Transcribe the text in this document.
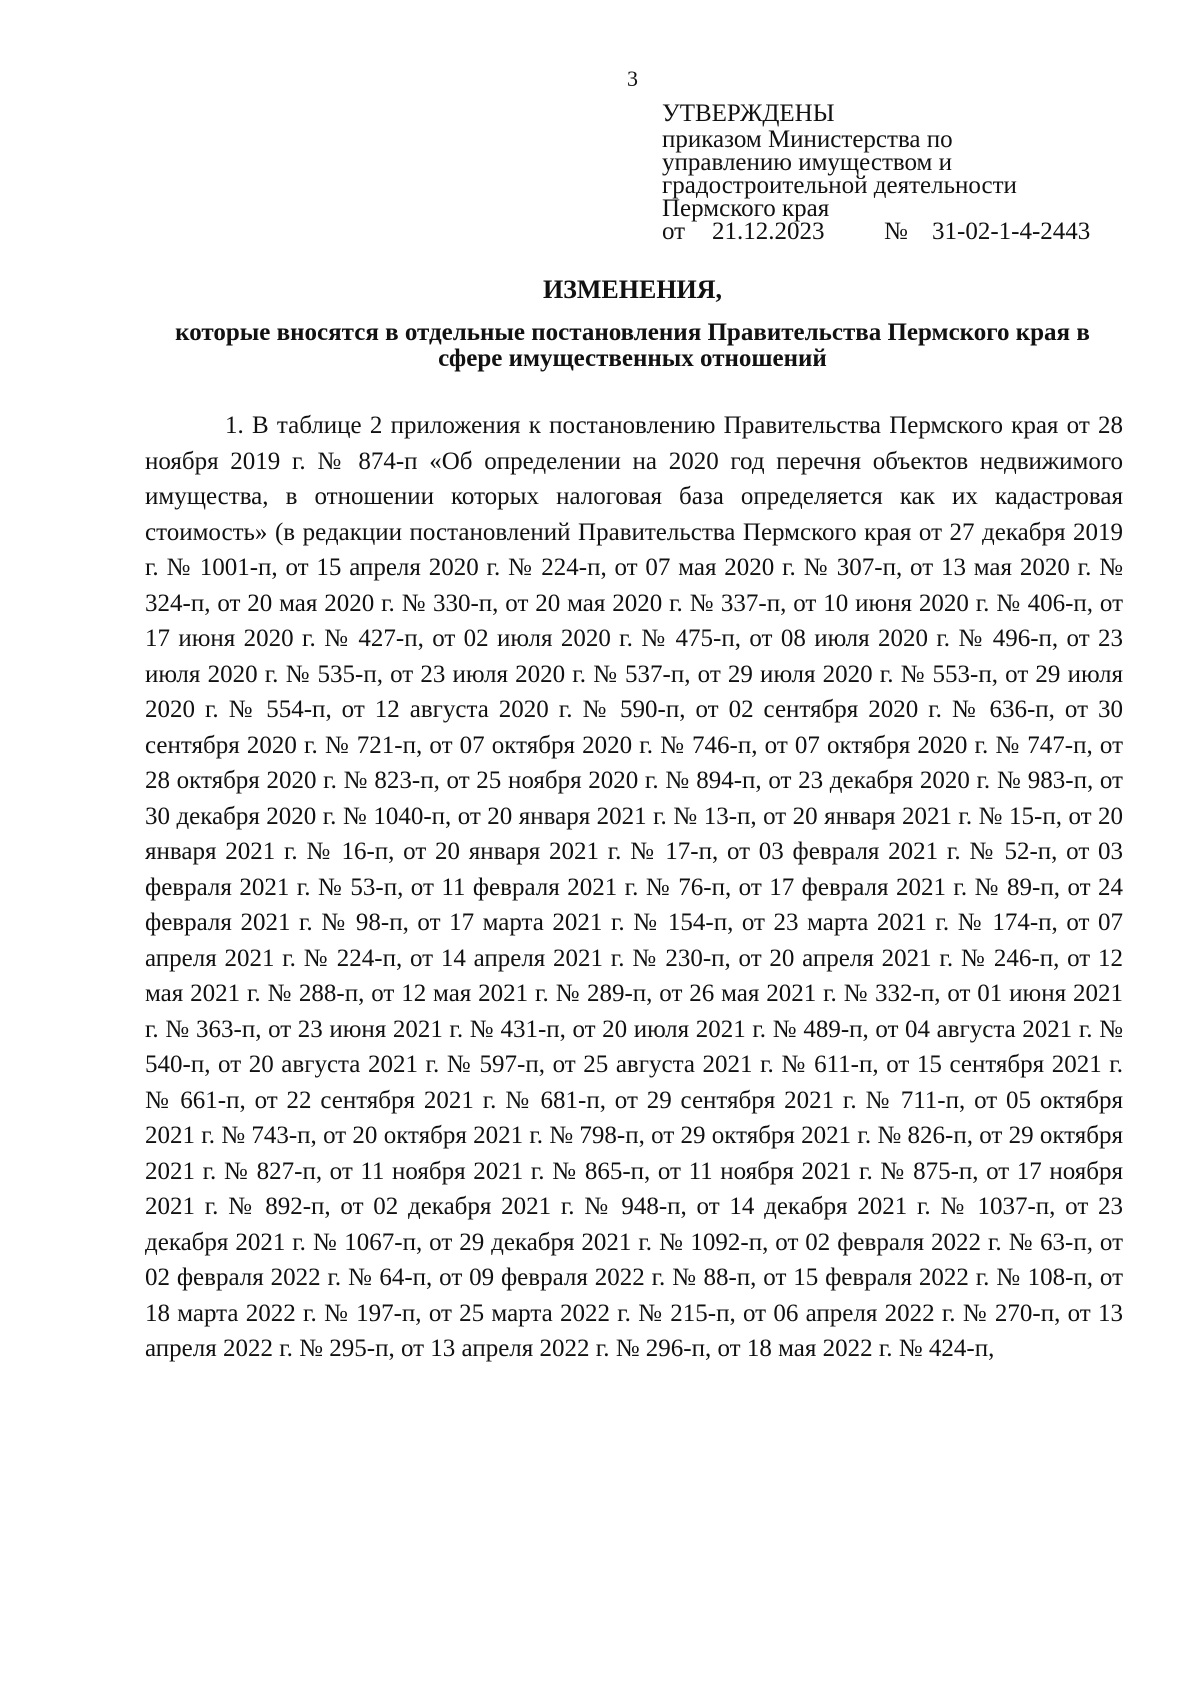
3
УТВЕРЖДЕНЫ
приказом Министерства по
управлению имуществом и
градостроительной деятельности
Пермского края
от	21.12.2023	№ 31-02-1-4-2443
ИЗМЕНЕНИЯ,
которые вносятся в отдельные постановления Правительства Пермского края в сфере имущественных отношений

1. В таблице 2 приложения к постановлению Правительства Пермского края от 28 ноября 2019 г. № 874-п «Об определении на 2020 год перечня объектов недвижимого имущества, в отношении которых налоговая база определяется как их кадастровая стоимость» (в редакции постановлений Правительства Пермского края от 27 декабря 2019 г. № 1001-п, от 15 апреля 2020 г. № 224-п, от 07 мая 2020 г. № 307-п, от 13 мая 2020 г. № 324-п, от 20 мая 2020 г. № 330-п, от 20 мая 2020 г. № 337-п, от 10 июня 2020 г. № 406-п, от 17 июня 2020 г. № 427-п, от 02 июля 2020 г. № 475-п, от 08 июля 2020 г. № 496-п, от 23 июля 2020 г. № 535-п, от 23 июля 2020 г. № 537-п, от 29 июля 2020 г. № 553-п, от 29 июля 2020 г. № 554-п, от 12 августа 2020 г. № 590-п, от 02 сентября 2020 г. № 636-п, от 30 сентября 2020 г. № 721-п, от 07 октября 2020 г. № 746-п, от 07 октября 2020 г. № 747-п, от 28 октября 2020 г. № 823-п, от 25 ноября 2020 г. № 894-п, от 23 декабря 2020 г. № 983-п, от 30 декабря 2020 г. № 1040-п, от 20 января 2021 г. № 13-п, от 20 января 2021 г. № 15-п, от 20 января 2021 г. № 16-п, от 20 января 2021 г. № 17-п, от 03 февраля 2021 г. № 52-п, от 03 февраля 2021 г. № 53-п, от 11 февраля 2021 г. № 76-п, от 17 февраля 2021 г. № 89-п, от 24 февраля 2021 г. № 98-п, от 17 марта 2021 г. № 154-п, от 23 марта 2021 г. № 174-п, от 07 апреля 2021 г. № 224-п, от 14 апреля 2021 г. № 230-п, от 20 апреля 2021 г. № 246-п, от 12 мая 2021 г. № 288-п, от 12 мая 2021 г. № 289-п, от 26 мая 2021 г. № 332-п, от 01 июня 2021 г. № 363-п, от 23 июня 2021 г. № 431-п, от 20 июля 2021 г. № 489-п, от 04 августа 2021 г. № 540-п, от 20 августа 2021 г. № 597-п, от 25 августа 2021 г. № 611-п, от 15 сентября 2021 г. № 661-п, от 22 сентября 2021 г. № 681-п, от 29 сентября 2021 г. № 711-п, от 05 октября 2021 г. № 743-п, от 20 октября 2021 г. № 798-п, от 29 октября 2021 г. № 826-п, от 29 октября 2021 г. № 827-п, от 11 ноября 2021 г. № 865-п, от 11 ноября 2021 г. № 875-п, от 17 ноября 2021 г. № 892-п, от 02 декабря 2021 г. № 948-п, от 14 декабря 2021 г. № 1037-п, от 23 декабря 2021 г. № 1067-п, от 29 декабря 2021 г. № 1092-п, от 02 февраля 2022 г. № 63-п, от 02 февраля 2022 г. № 64-п, от 09 февраля 2022 г. № 88-п, от 15 февраля 2022 г. № 108-п, от 18 марта 2022 г. № 197-п, от 25 марта 2022 г. № 215-п, от 06 апреля 2022 г. № 270-п, от 13 апреля 2022 г. № 295-п, от 13 апреля 2022 г. № 296-п, от 18 мая 2022 г. № 424-п,
